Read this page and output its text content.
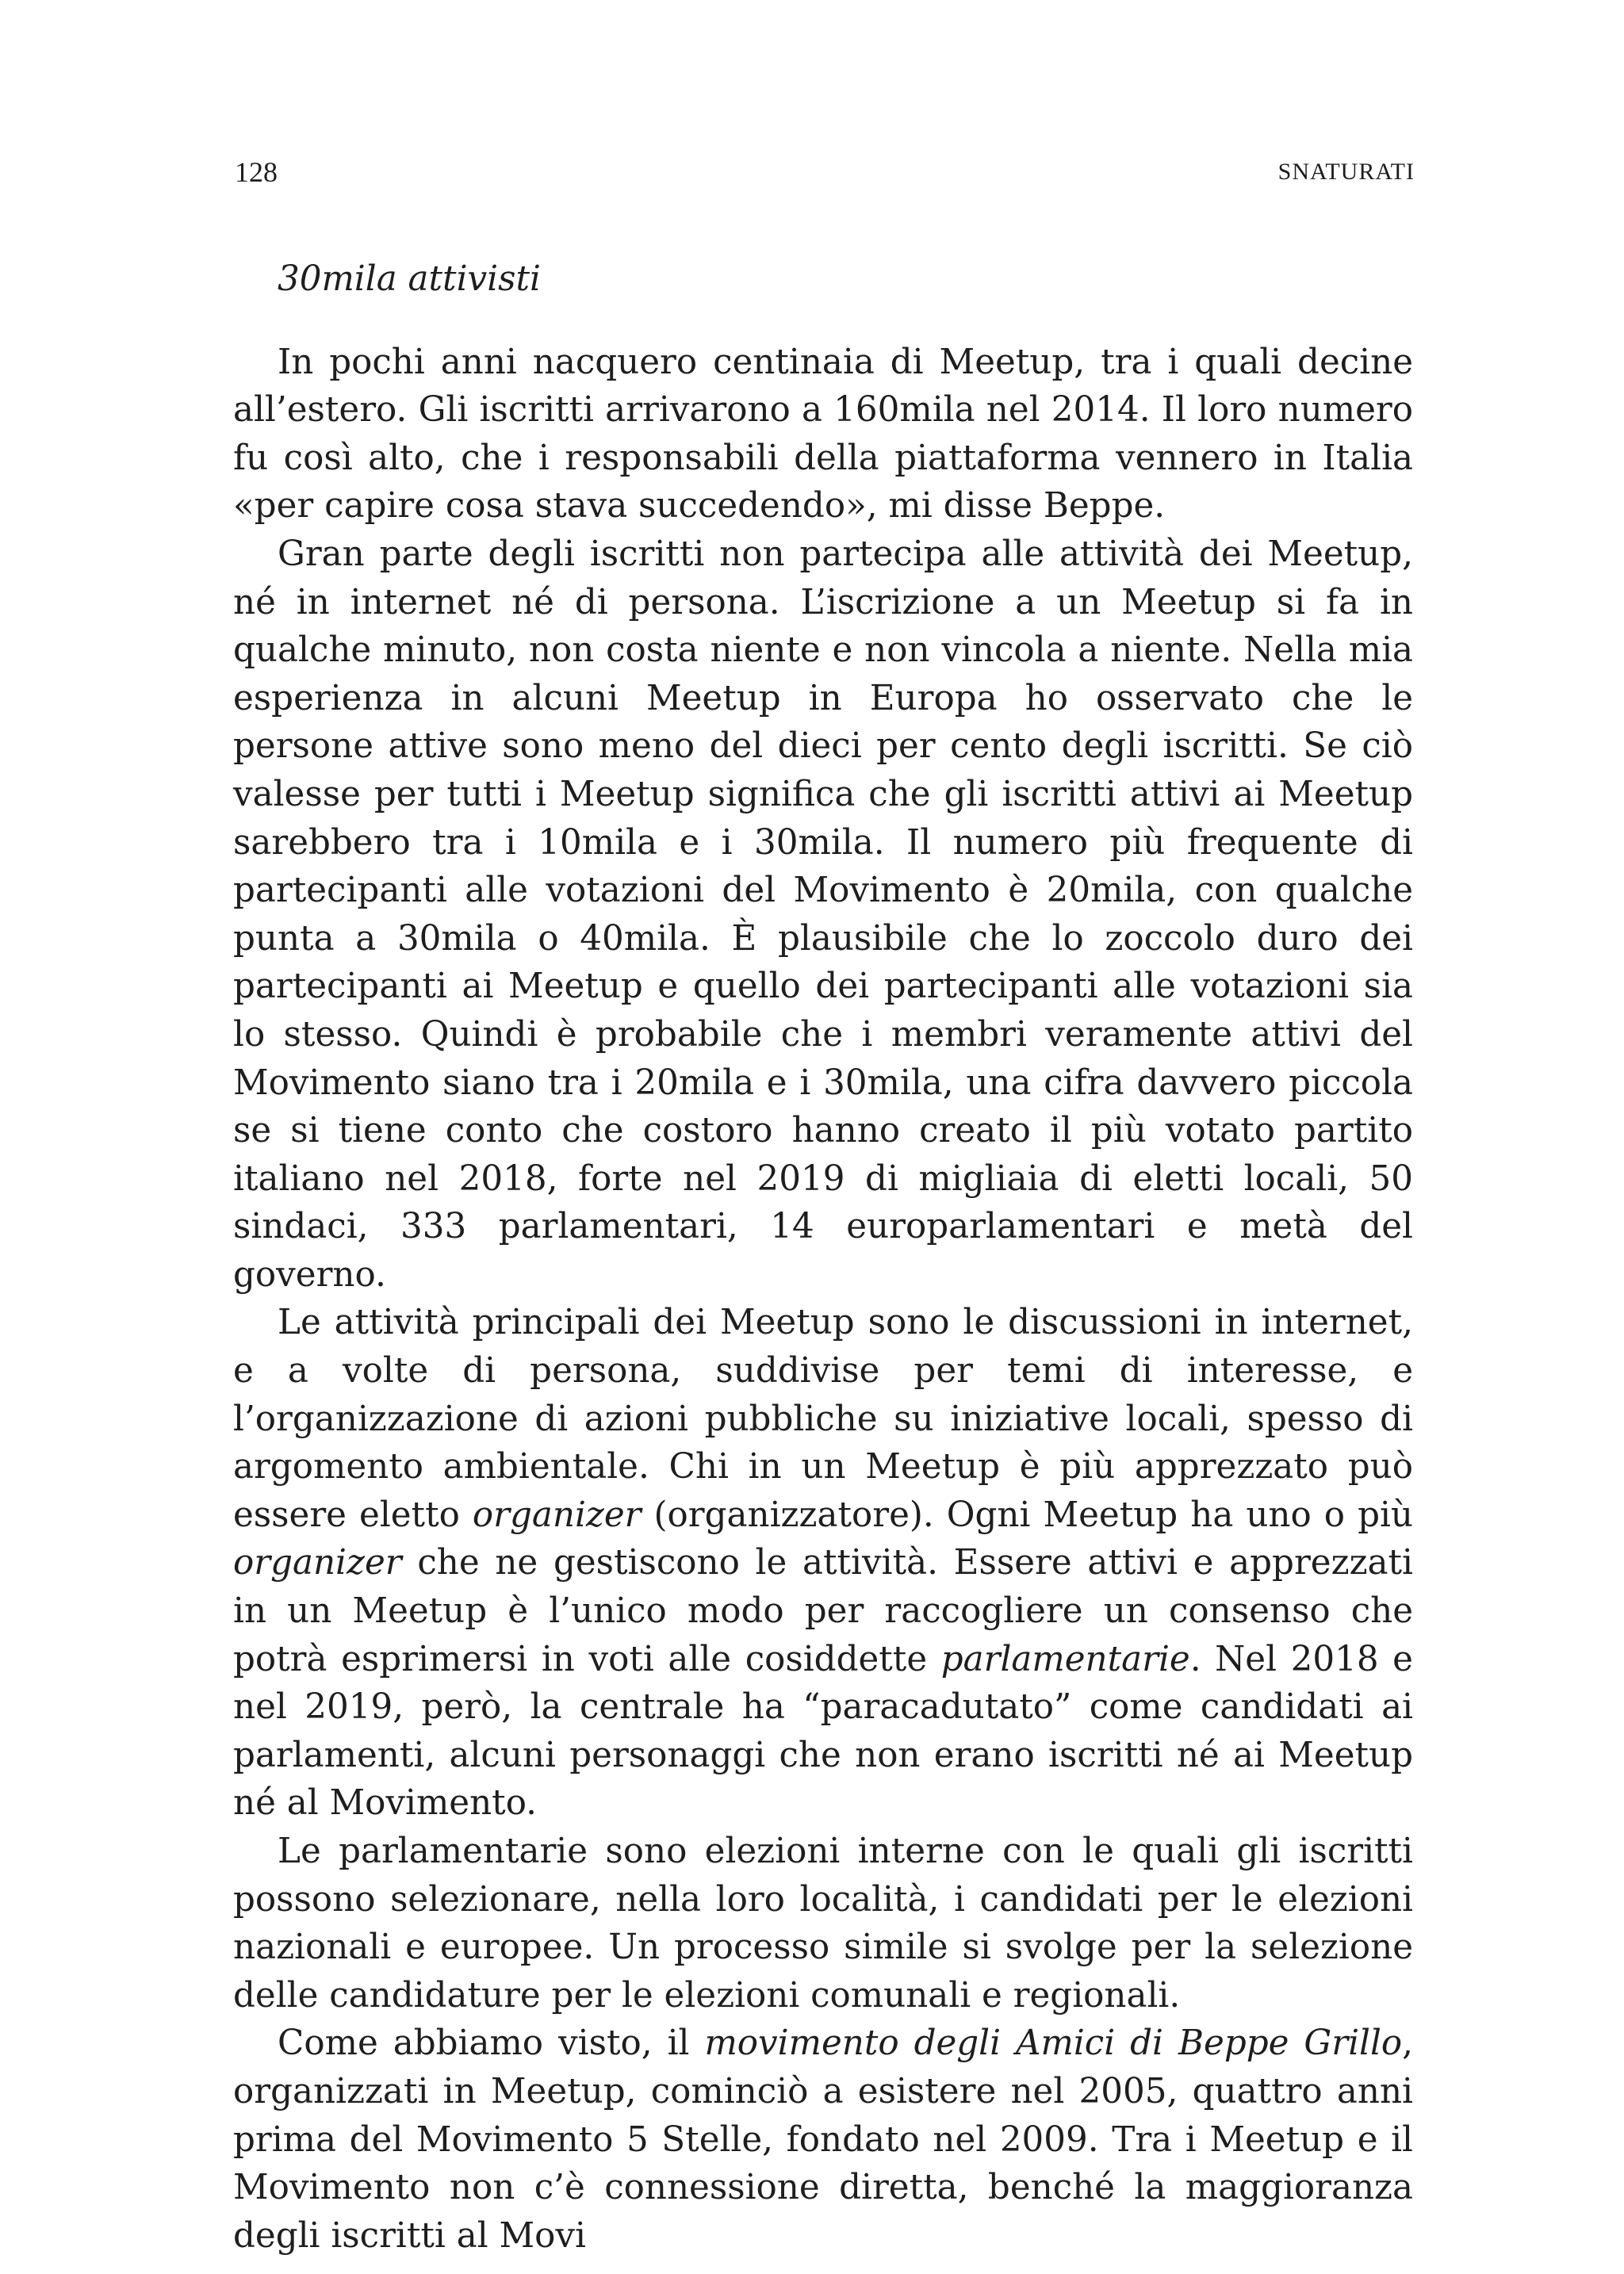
128	SNATURATI
30mila attivisti

In pochi anni nacquero centinaia di Meetup, tra i quali decine all’estero. Gli iscritti arrivarono a 160mila nel 2014. Il loro numero fu così alto, che i responsabili della piattaforma vennero in Italia «per capire cosa stava succedendo», mi disse Beppe.

Gran parte degli iscritti non partecipa alle attività dei Meetup, né in internet né di persona. L’iscrizione a un Meetup si fa in qualche minuto, non costa niente e non vincola a niente. Nella mia esperienza in alcuni Meetup in Europa ho osservato che le persone attive sono meno del dieci per cento degli iscritti. Se ciò valesse per tutti i Meetup significa che gli iscritti attivi ai Meetup sarebbero tra i 10mila e i 30mila. Il numero più frequente di partecipanti alle votazioni del Movimento è 20mila, con qualche punta a 30mila o 40mila. È plausibile che lo zoccolo duro dei partecipanti ai Meetup e quello dei partecipanti alle votazioni sia lo stesso. Quindi è probabile che i membri veramente attivi del Movimento siano tra i 20mila e i 30mila, una cifra davvero piccola se si tiene conto che costoro hanno creato il più votato partito italiano nel 2018, forte nel 2019 di migliaia di eletti locali, 50 sindaci, 333 parlamentari, 14 europarlamentari e metà del governo.

Le attività principali dei Meetup sono le discussioni in internet, e a volte di persona, suddivise per temi di interesse, e l’organizzazione di azioni pubbliche su iniziative locali, spesso di argomento ambientale. Chi in un Meetup è più apprezzato può essere eletto organizer (organizzatore). Ogni Meetup ha uno o più organizer che ne gestiscono le attività. Essere attivi e apprezzati in un Meetup è l’unico modo per raccogliere un consenso che potrà esprimersi in voti alle cosiddette parlamentarie. Nel 2018 e nel 2019, però, la centrale ha “paracadutato” come candidati ai parlamenti, alcuni personaggi che non erano iscritti né ai Meetup né al Movimento.

Le parlamentarie sono elezioni interne con le quali gli iscritti possono selezionare, nella loro località, i candidati per le elezioni nazionali e europee. Un processo simile si svolge per la selezione delle candidature per le elezioni comunali e regionali.

Come abbiamo visto, il movimento degli Amici di Beppe Grillo, organizzati in Meetup, cominciò a esistere nel 2005, quattro anni prima del Movimento 5 Stelle, fondato nel 2009. Tra i Meetup e il Movimento non c’è connessione diretta, benché la maggioranza degli iscritti al Movi
